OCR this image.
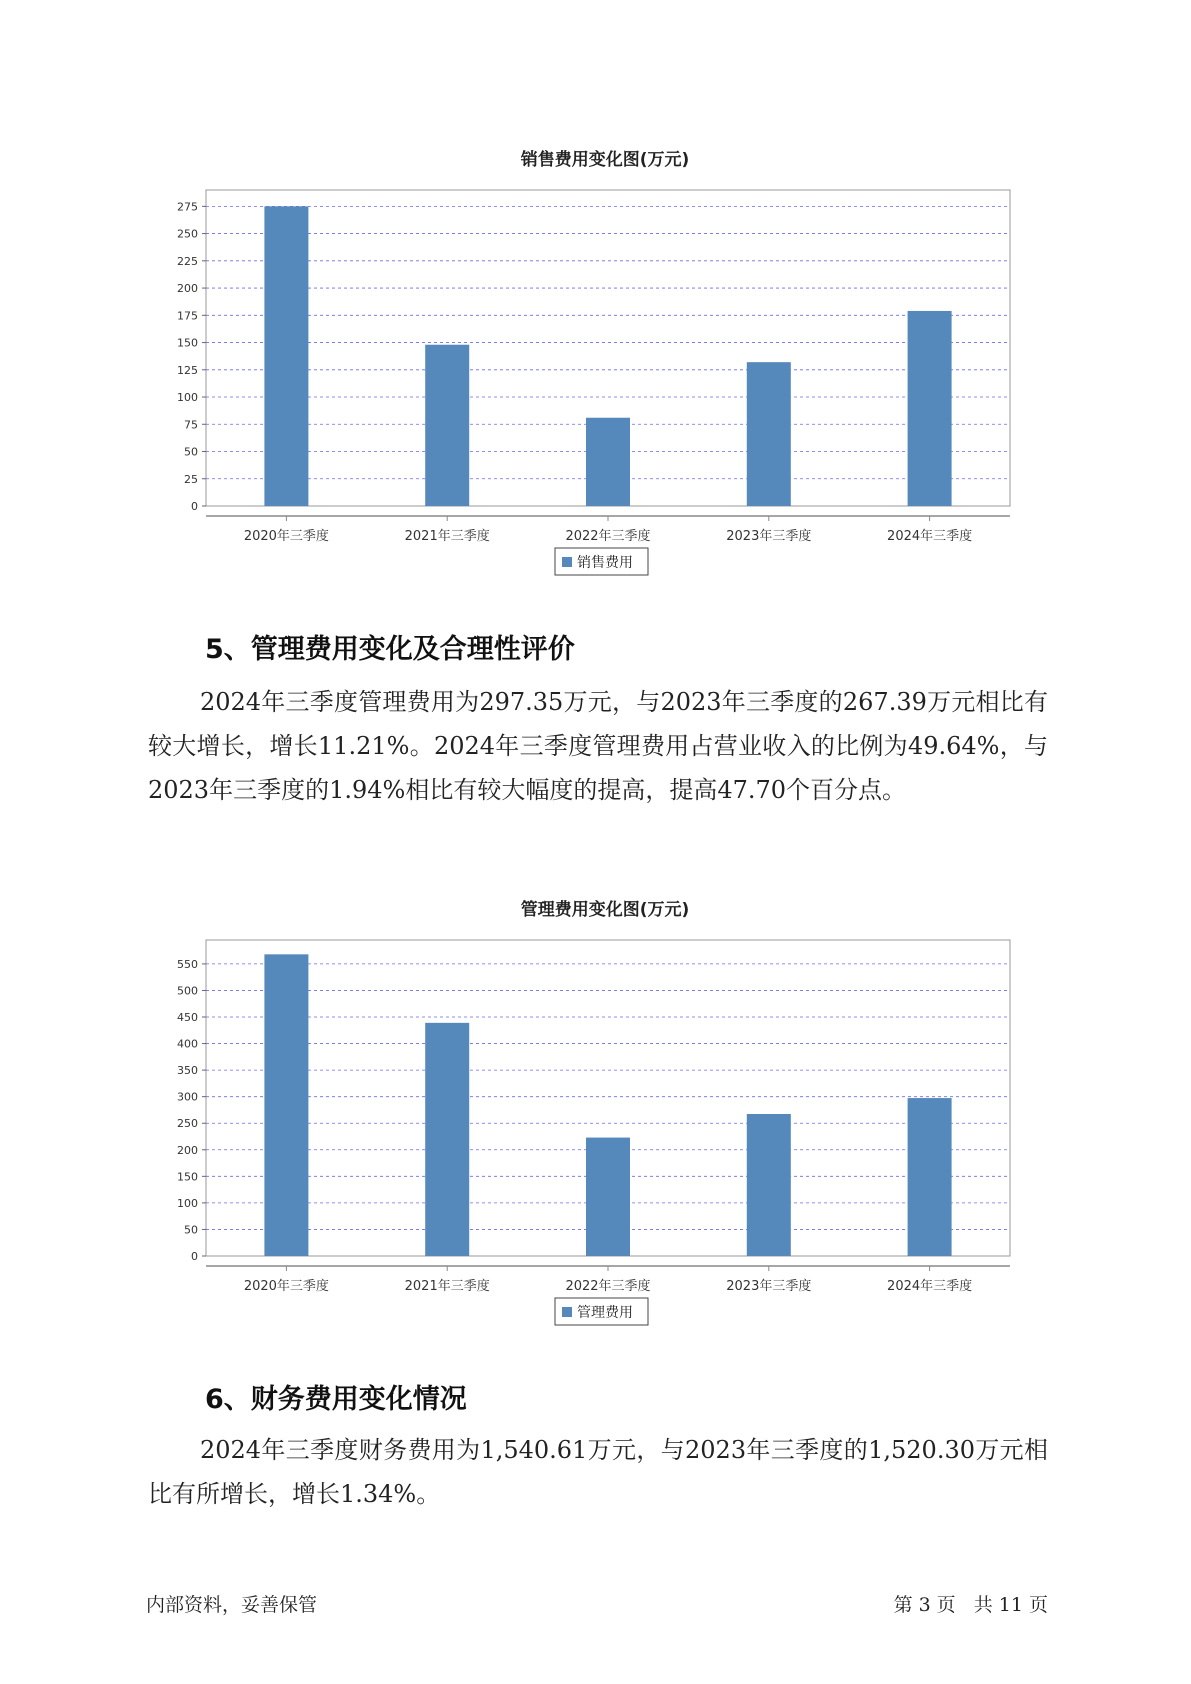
销售费用变化图(万元)
0
25
50
75
100
125
150
175
200
225
250
275
2020年三季度	2021年三季度	2022年三季度	2023年三季度	2024年三季度
销售费用
5、管理费用变化及合理性评价

2024年三季度管理费用为297.35万元，与2023年三季度的267.39万元相比有较大增长，增长11.21%。2024年三季度管理费用占营业收入的比例为49.64%，与2023年三季度的1.94%相比有较大幅度的提高，提高47.70个百分点。

管理费用变化图(万元)
0
50
100
150
200
250
300
350
400
450
500
550
2020年三季度	2021年三季度	2022年三季度	2023年三季度	2024年三季度
管理费用
6、财务费用变化情况

2024年三季度财务费用为1,540.61万元，与2023年三季度的1,520.30万元相比有所增长，增长1.34%。

内部资料，妥善保管	第 3 页 共 11 页
